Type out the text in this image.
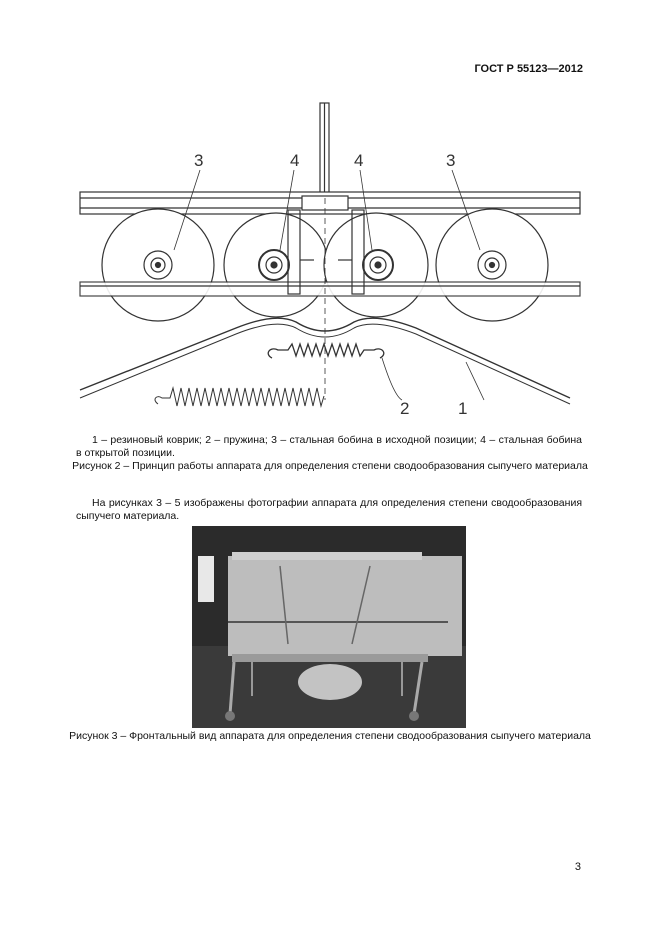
ГОСТ Р 55123—2012
3	4	4	3
2	1
1 – резиновый коврик; 2 – пружина; 3 – стальная бобина в исходной позиции; 4 – стальная бобина в открытой позиции.
Рисунок 2 – Принцип работы аппарата для определения степени сводообразования сыпучего материала
На рисунках 3 – 5 изображены фотографии аппарата для определения степени сводообразования сыпучего материала.
Рисунок 3 – Фронтальный вид аппарата для определения степени сводообразования сыпучего материала
3
